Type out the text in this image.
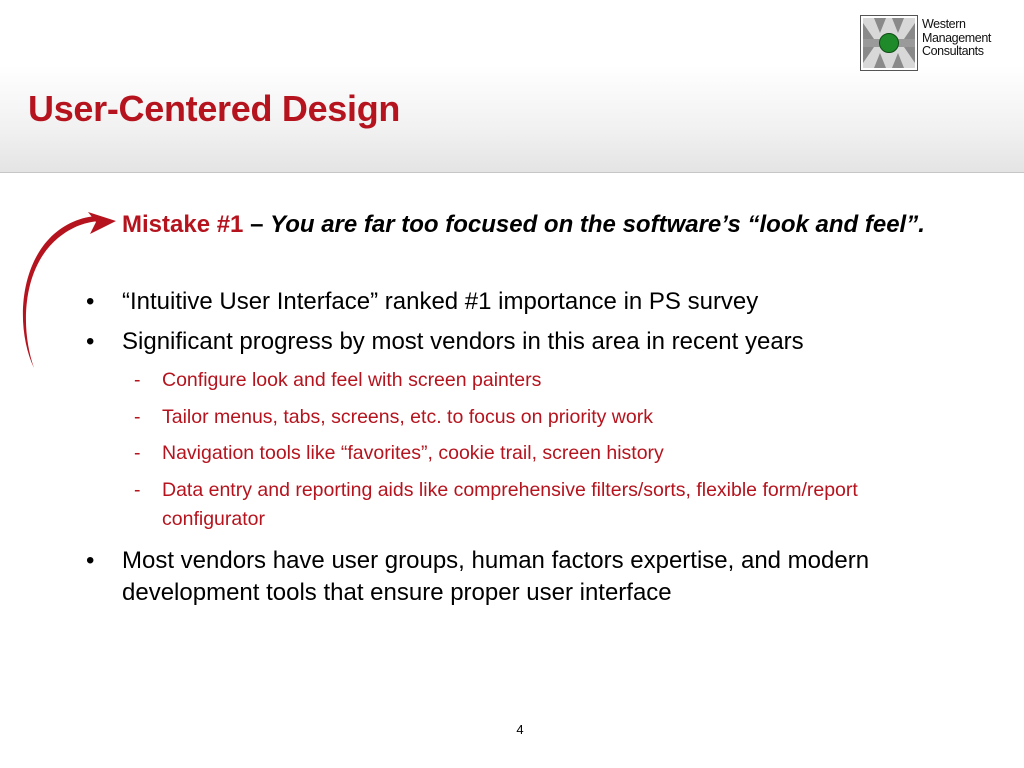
User-Centered Design
Western
Management
Consultants
Mistake #1 – You are far too focused on the software’s “look and feel”.
• “Intuitive User Interface” ranked #1 importance in PS survey
• Significant progress by most vendors in this area in recent years
- Configure look and feel with screen painters
- Tailor menus, tabs, screens, etc. to focus on priority work
- Navigation tools like “favorites”, cookie trail, screen history
- Data entry and reporting aids like comprehensive filters/sorts, flexible form/report configurator
• Most vendors have user groups, human factors expertise, and modern development tools that ensure proper user interface
4
